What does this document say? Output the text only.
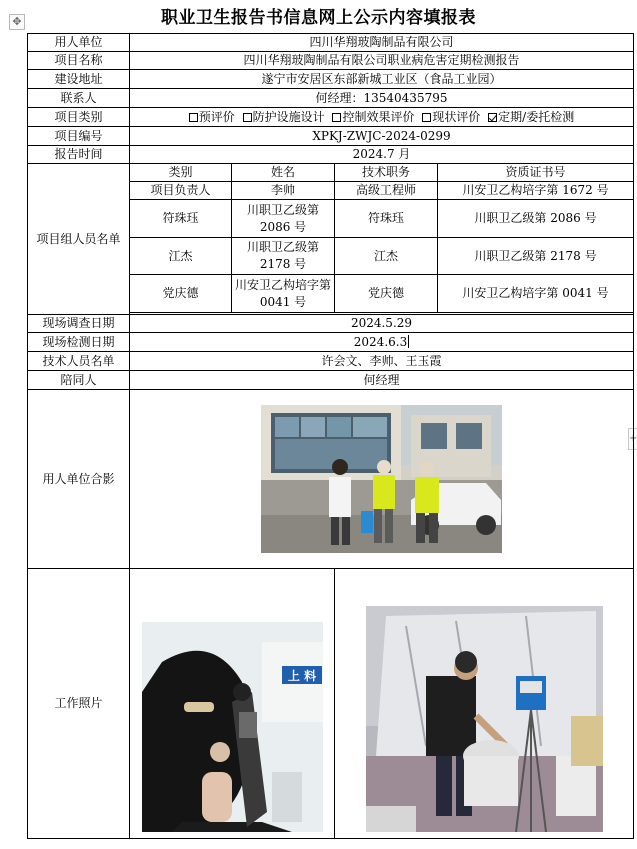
✥
+
职业卫生报告书信息网上公示内容填报表
用人单位	四川华翔玻陶制品有限公司			
项目名称	四川华翔玻陶制品有限公司职业病危害定期检测报告			
建设地址	遂宁市安居区东部新城工业区（食品工业园）			
联系人	何经理：13540435795			
项目类别	预评价 防护设施设计 控制效果评价 现状评价 定期/委托检测			
项目编号	XPKJ-ZWJC-2024-0299			
报告时间	2024.7 月			
项目组人员名单	类别	姓名	技术职务	资质证书号
	项目负责人	李帅	高级工程师	川安卫乙构培字第 1672 号
	符珠珏	川职卫乙级第 2086 号	符珠珏	川职卫乙级第 2086 号
	江杰	川职卫乙级第 2178 号	江杰	川职卫乙级第 2178 号
	党庆德	川安卫乙构培字第 0041 号	党庆德	川安卫乙构培字第 0041 号

现场调查日期	2024.5.29			
现场检测日期	2024.6.3			
技术人员名单	许会文、李帅、王玉霞			
陪同人	何经理			
用人单位合影	

工作照片	上 料
